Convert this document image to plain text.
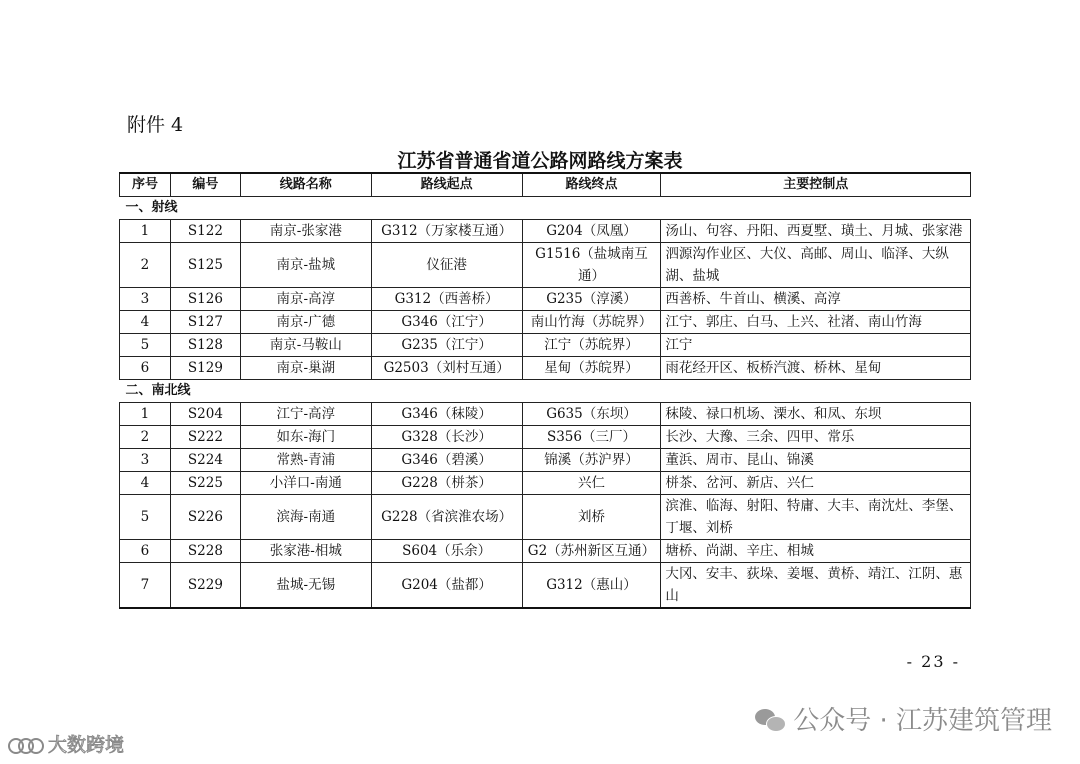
附件 4
江苏省普通省道公路网路线方案表
序号	编号	线路名称	路线起点	路线终点	主要控制点
一、射线					
1	S122	南京-张家港	G312（万家楼互通）	G204（凤凰）	汤山、句容、丹阳、西夏墅、璜土、月城、张家港
2	S125	南京-盐城	仪征港	G1516（盐城南互通）	泗源沟作业区、大仪、高邮、周山、临泽、大纵湖、盐城
3	S126	南京-高淳	G312（西善桥）	G235（淳溪）	西善桥、牛首山、横溪、高淳
4	S127	南京-广德	G346（江宁）	南山竹海（苏皖界）	江宁、郭庄、白马、上兴、社渚、南山竹海
5	S128	南京-马鞍山	G235（江宁）	江宁（苏皖界）	江宁
6	S129	南京-巢湖	G2503（刘村互通）	星甸（苏皖界）	雨花经开区、板桥汽渡、桥林、星甸
二、南北线					
1	S204	江宁-高淳	G346（秣陵）	G635（东坝）	秣陵、禄口机场、溧水、和凤、东坝
2	S222	如东-海门	G328（长沙）	S356（三厂）	长沙、大豫、三余、四甲、常乐
3	S224	常熟-青浦	G346（碧溪）	锦溪（苏沪界）	董浜、周市、昆山、锦溪
4	S225	小洋口-南通	G228（栟茶）	兴仁	栟茶、岔河、新店、兴仁
5	S226	滨海-南通	G228（省滨淮农场）	刘桥	滨淮、临海、射阳、特庸、大丰、南沈灶、李堡、丁堰、刘桥
6	S228	张家港-相城	S604（乐余）	G2（苏州新区互通）	塘桥、尚湖、辛庄、相城
7	S229	盐城-无锡	G204（盐都）	G312（惠山）	大冈、安丰、荻垛、姜堰、黄桥、靖江、江阴、惠山
- 23 -
公众号 · 江苏建筑管理
大数跨境
